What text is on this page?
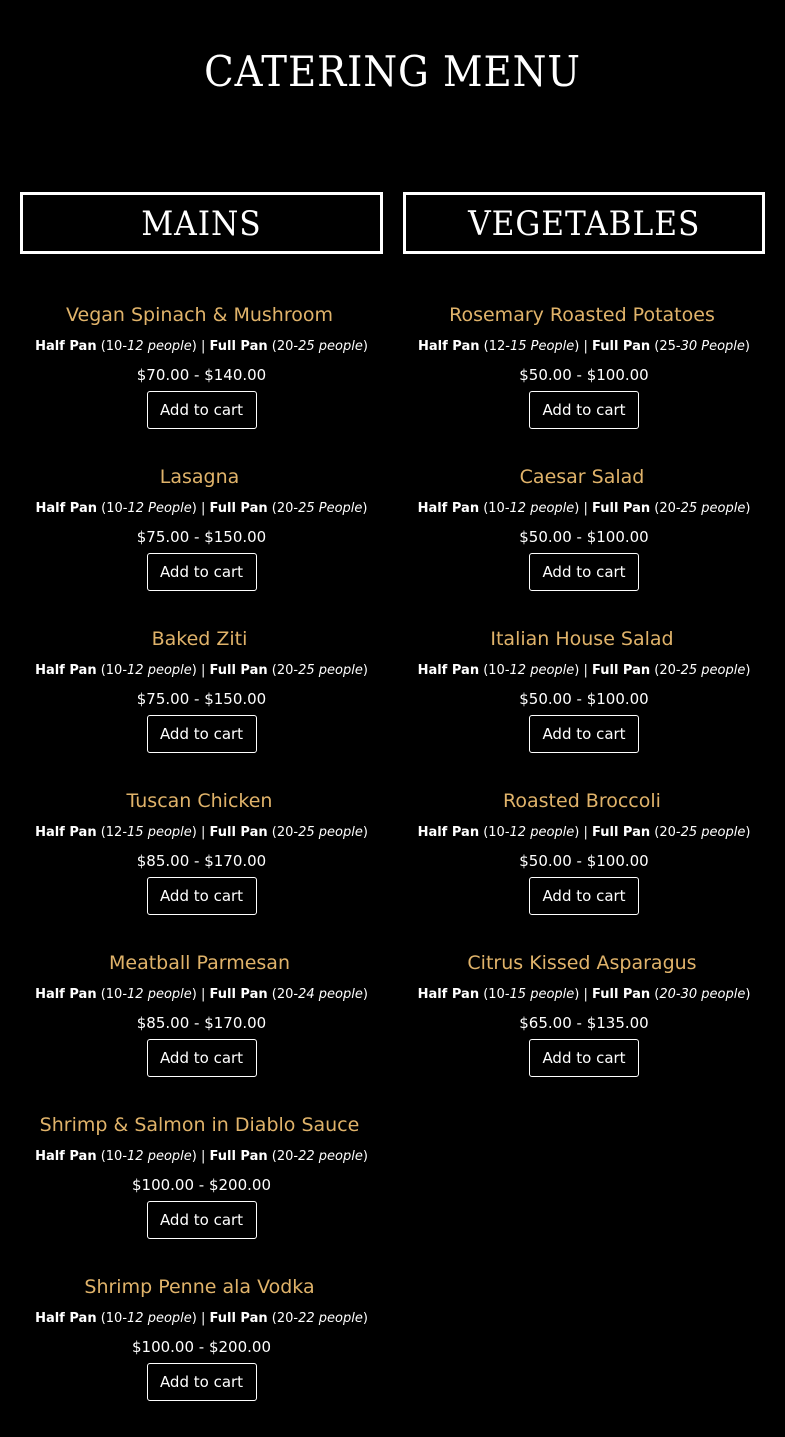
CATERING MENU
MAINS
Vegan Spinach & Mushroom
Half Pan (10-12 people) | Full Pan (20-25 people)
$70.00 - $140.00
Add to cart
Lasagna
Half Pan (10-12 People) | Full Pan (20-25 People)
$75.00 - $150.00
Add to cart
Baked Ziti
Half Pan (10-12 people) | Full Pan (20-25 people)
$75.00 - $150.00
Add to cart
Tuscan Chicken
Half Pan (12-15 people) | Full Pan (20-25 people)
$85.00 - $170.00
Add to cart
Meatball Parmesan
Half Pan (10-12 people) | Full Pan (20-24 people)
$85.00 - $170.00
Add to cart
Shrimp & Salmon in Diablo Sauce
Half Pan (10-12 people) | Full Pan (20-22 people)
$100.00 - $200.00
Add to cart
Shrimp Penne ala Vodka
Half Pan (10-12 people) | Full Pan (20-22 people)
$100.00 - $200.00
Add to cart
VEGETABLES
Rosemary Roasted Potatoes
Half Pan (12-15 People) | Full Pan (25-30 People)
$50.00 - $100.00
Add to cart
Caesar Salad
Half Pan (10-12 people) | Full Pan (20-25 people)
$50.00 - $100.00
Add to cart
Italian House Salad
Half Pan (10-12 people) | Full Pan (20-25 people)
$50.00 - $100.00
Add to cart
Roasted Broccoli
Half Pan (10-12 people) | Full Pan (20-25 people)
$50.00 - $100.00
Add to cart
Citrus Kissed Asparagus
Half Pan (10-15 people) | Full Pan (20-30 people)
$65.00 - $135.00
Add to cart
